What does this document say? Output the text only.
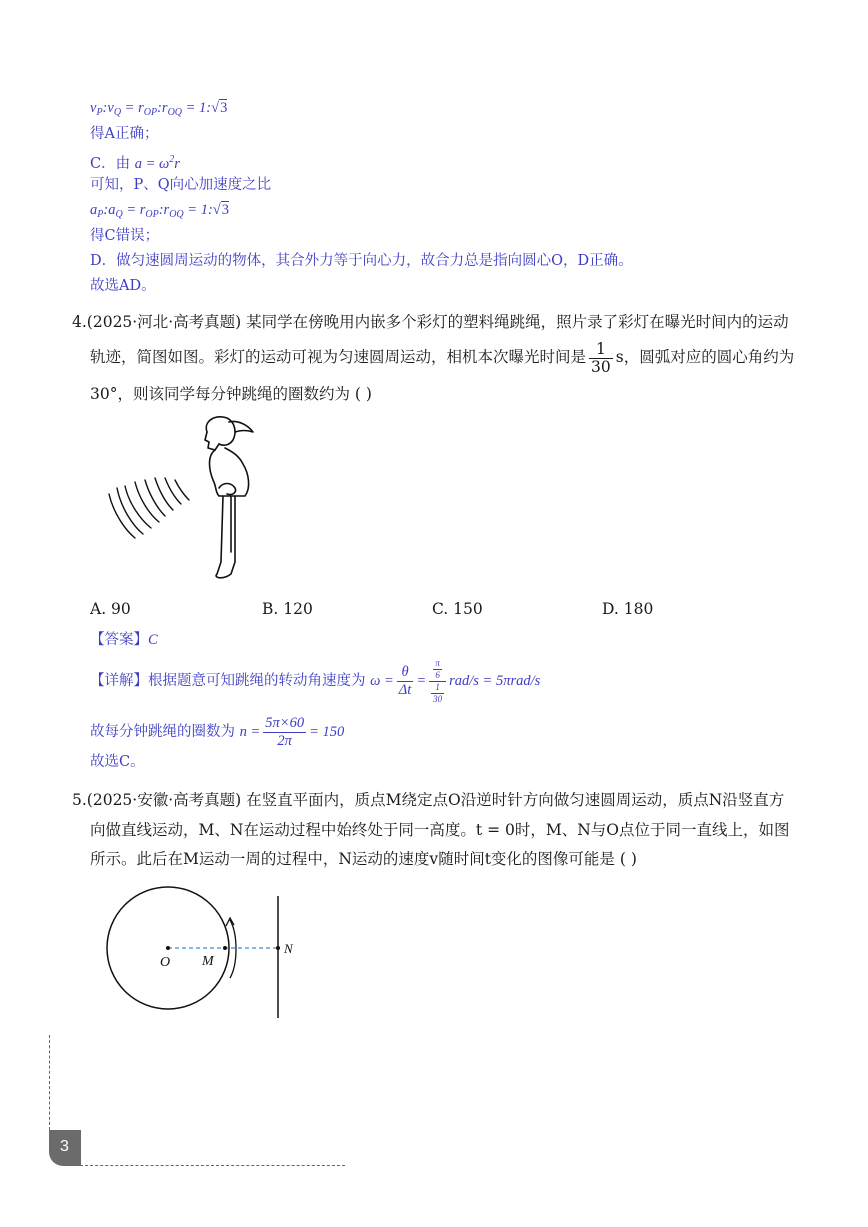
$v_P:v_Q$ = $r_{OP}:r_{OQ}$ = 1:√3
得A正确；
C．由 $a = \omega^2r$
可知，P、Q向心加速度之比
$a_P:a_Q$ = $r_{OP}:r_{OQ}$ = 1:√3
得C错误；
D．做匀速圆周运动的物体，其合外力等于向心力，故合力总是指向圆心O，D正确。
故选AD。
4.(2025·河北·高考真题) 某同学在傍晚用内嵌多个彩灯的塑料绳跳绳，照片录了彩灯在曝光时间内的运动
轨迹，简图如图。彩灯的运动可视为匀速圆周运动，相机本次曝光时间是 $\frac{1}{30}$ s，圆弧对应的圆心角约为
30°，则该同学每分钟跳绳的圈数约为 ( )
A. 90	B. 120	C. 150	D. 180
【答案】C
【详解】根据题意可知跳绳的转动角速度为 $\omega = \frac{\theta}{\Delta t} = \frac{\frac{\pi}{6}}{\frac{1}{30}} rad/s = 5\pi rad/s$
故每分钟跳绳的圈数为 $n = \frac{5\pi\times 60}{2\pi} = 150$
故选C。
5.(2025·安徽·高考真题) 在竖直平面内，质点M绕定点O沿逆时针方向做匀速圆周运动，质点N沿竖直方
向做直线运动，M、N在运动过程中始终处于同一高度。t = 0时，M、N与O点位于同一直线上，如图
所示。此后在M运动一周的过程中，N运动的速度v随时间t变化的图像可能是 ( )
O M
N
3
